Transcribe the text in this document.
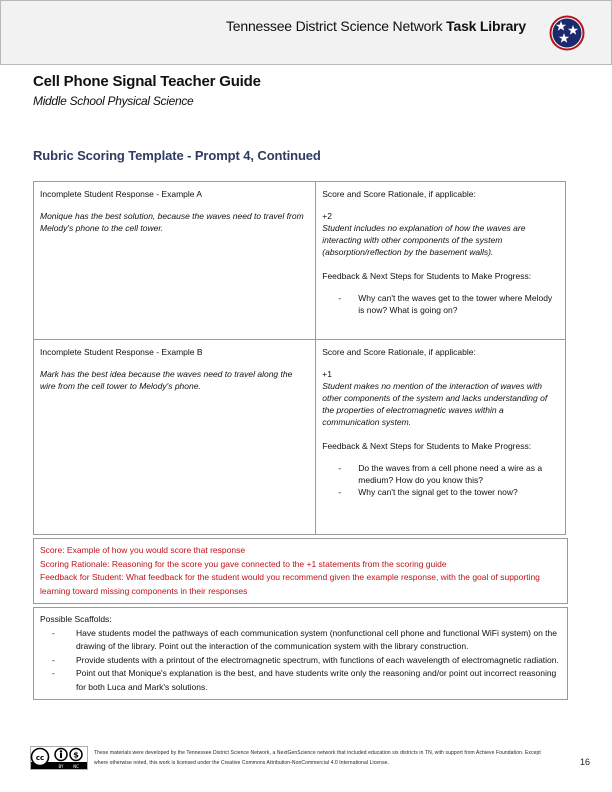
Tennessee District Science Network Task Library
Cell Phone Signal Teacher Guide
Middle School Physical Science
Rubric Scoring Template - Prompt 4, Continued

Incomplete Student Response - Example A

Monique has the best solution, because the waves need to travel from Melody's phone to the cell tower.

Score and Score Rationale, if applicable:

+2

Student includes no explanation of how the waves are interacting with other components of the system (absorption/reflection by the basement walls).

Feedback & Next Steps for Students to Make Progress:

- Why can't the waves get to the tower where Melody is now? What is going on?

Incomplete Student Response - Example B

Mark has the best idea because the waves need to travel along the wire from the cell tower to Melody's phone.

Score and Score Rationale, if applicable:

+1

Student makes no mention of the interaction of waves with other components of the system and lacks understanding of the properties of electromagnetic waves within a communication system.

Feedback & Next Steps for Students to Make Progress:

- Do the waves from a cell phone need a wire as a medium? How do you know this?
- Why can't the signal get to the tower now?
Score: Example of how you would score that response
Scoring Rationale: Reasoning for the score you gave connected to the +1 statements from the scoring guide
Feedback for Student: What feedback for the student would you recommend given the example response, with the goal of supporting learning toward missing components in their responses
Possible Scaffolds:
- Have students model the pathways of each communication system (nonfunctional cell phone and functional WiFi system) on the drawing of the library. Point out the interaction of the communication system with the library construction.
- Provide students with a printout of the electromagnetic spectrum, with functions of each wavelength of electromagnetic radiation.
- Point out that Monique's explanation is the best, and have students write only the reasoning and/or point out incorrect reasoning for both Luca and Mark's solutions.
cc	$
BY NC
These materials were developed by the Tennessee District Science Network, a NextGenScience network that included education six districts in TN, with support from Achieve Foundation. Except where otherwise noted, this work is licensed under the Creative Commons Attribution-NonCommercial 4.0 International License.	16
